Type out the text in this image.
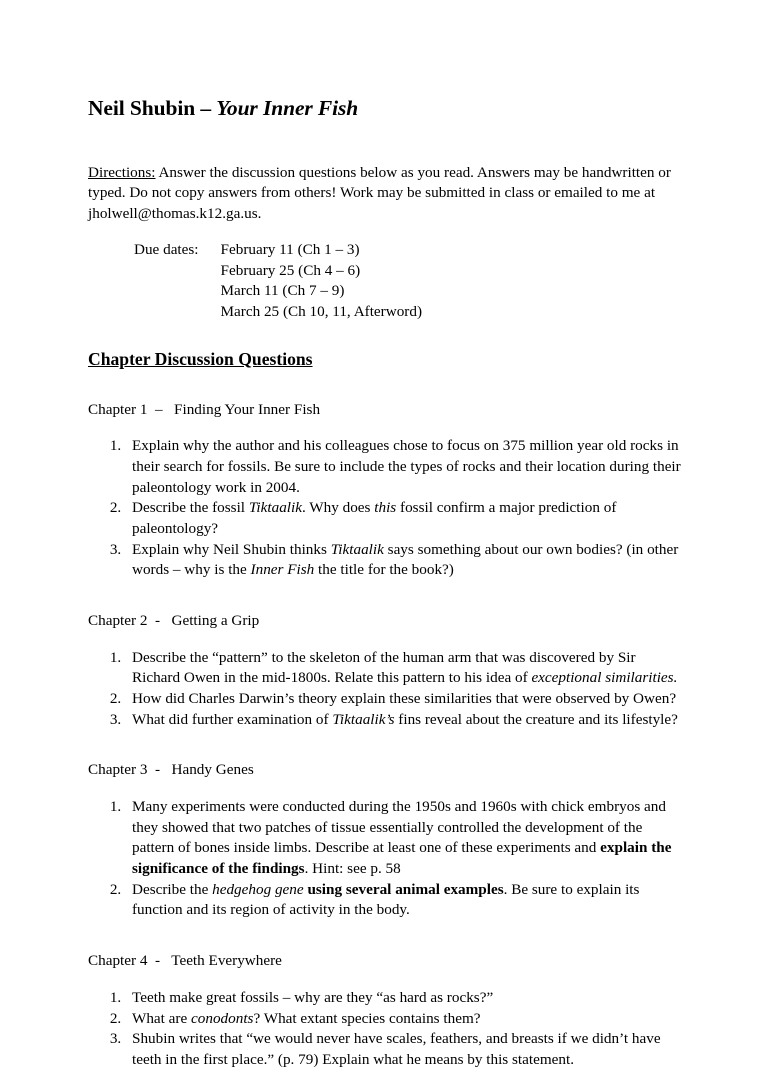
Neil Shubin – Your Inner Fish

Directions: Answer the discussion questions below as you read. Answers may be handwritten or typed. Do not copy answers from others! Work may be submitted in class or emailed to me at jholwell@thomas.k12.ga.us.

Due dates:	February 11 (Ch 1 – 3)
February 25 (Ch 4 – 6)
March 11 (Ch 7 – 9)
March 25 (Ch 10, 11, Afterword)
Chapter Discussion Questions
Chapter 1  –   Finding Your Inner Fish
1. Explain why the author and his colleagues chose to focus on 375 million year old rocks in their search for fossils. Be sure to include the types of rocks and their location during their paleontology work in 2004.
2. Describe the fossil Tiktaalik. Why does this fossil confirm a major prediction of paleontology?
3. Explain why Neil Shubin thinks Tiktaalik says something about our own bodies? (in other words – why is the Inner Fish the title for the book?)
Chapter 2  -   Getting a Grip
1. Describe the “pattern” to the skeleton of the human arm that was discovered by Sir Richard Owen in the mid-1800s. Relate this pattern to his idea of exceptional similarities.
2. How did Charles Darwin’s theory explain these similarities that were observed by Owen?
3. What did further examination of Tiktaalik’s fins reveal about the creature and its lifestyle?
Chapter 3  -   Handy Genes
1. Many experiments were conducted during the 1950s and 1960s with chick embryos and they showed that two patches of tissue essentially controlled the development of the pattern of bones inside limbs. Describe at least one of these experiments and explain the significance of the findings. Hint: see p. 58
2. Describe the hedgehog gene using several animal examples. Be sure to explain its function and its region of activity in the body.
Chapter 4  -   Teeth Everywhere
1. Teeth make great fossils – why are they “as hard as rocks?”
2. What are conodonts? What extant species contains them?
3. Shubin writes that “we would never have scales, feathers, and breasts if we didn’t have teeth in the first place.” (p. 79) Explain what he means by this statement.
